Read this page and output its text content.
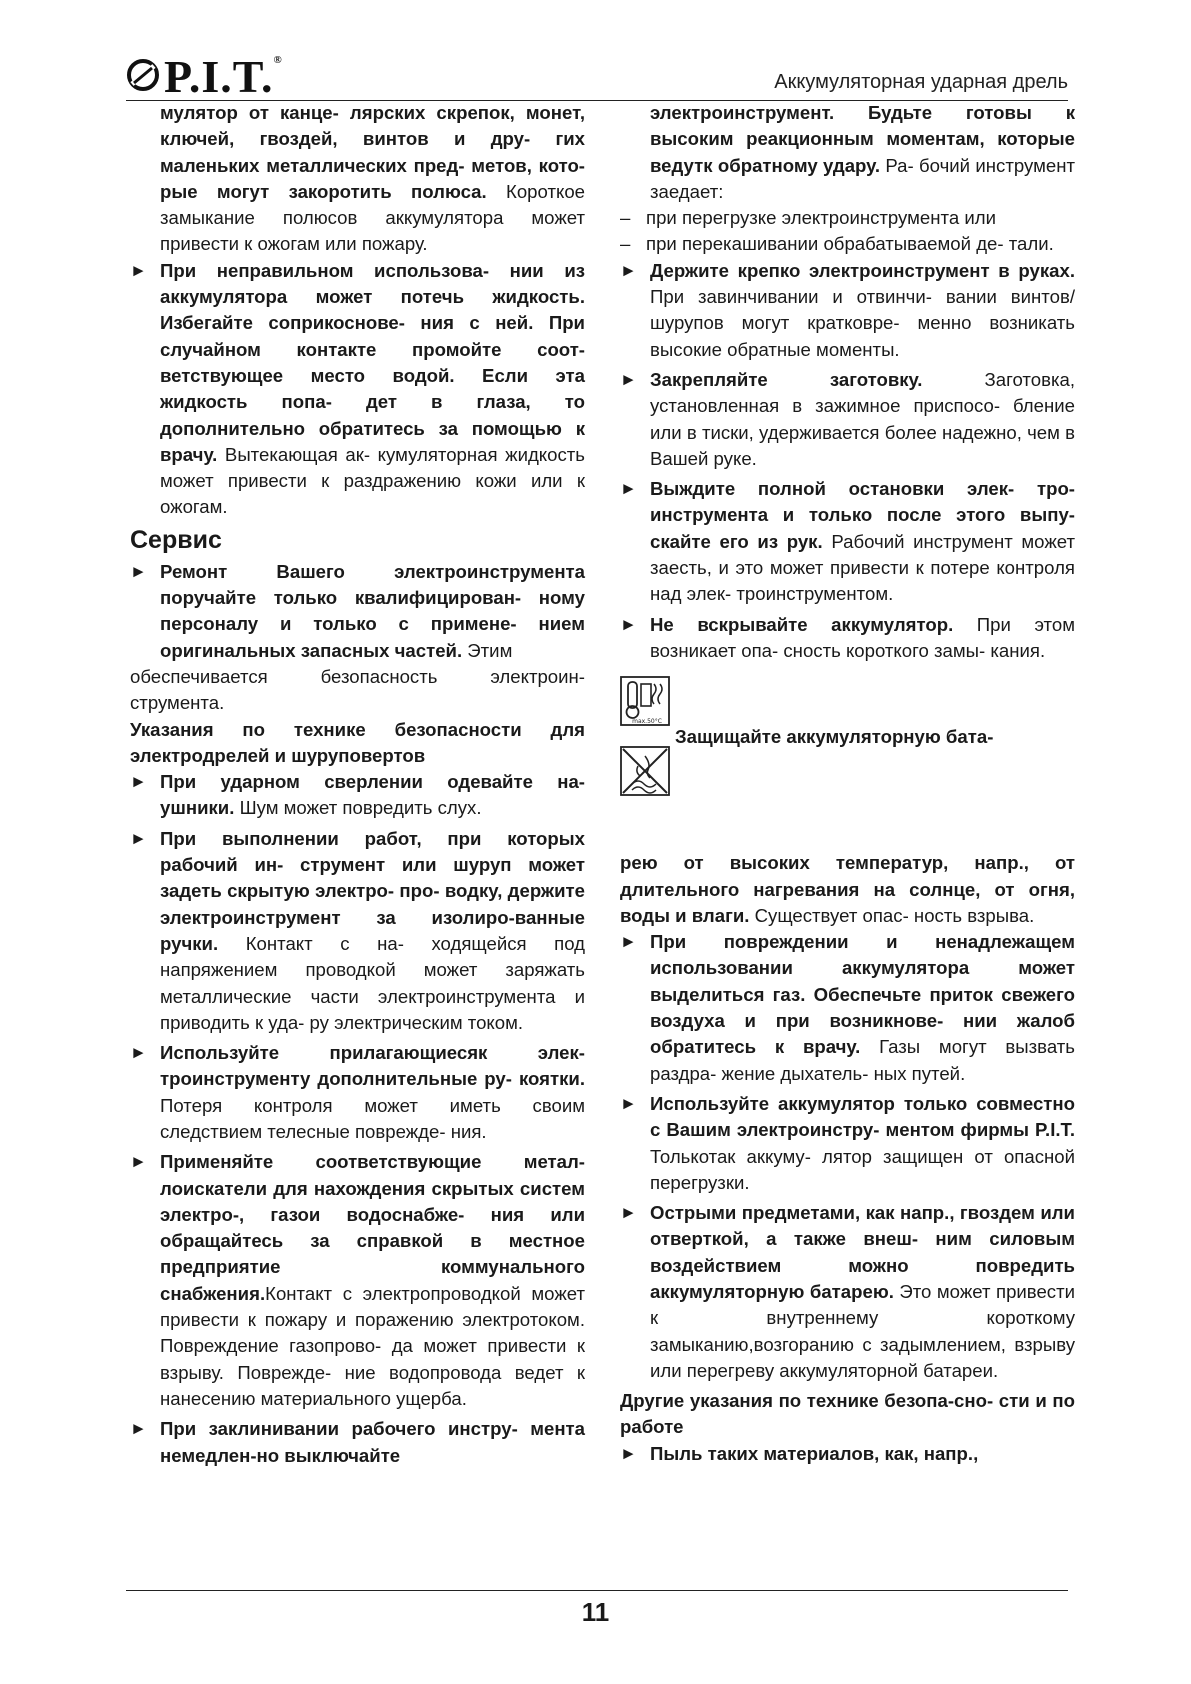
P.I.T. ®
Аккумуляторная ударная дрель

мулятор от канце- лярских скрепок, монет, ключей, гвоздей, винтов и дру- гих маленьких металлических пред- метов, кото-рые могут закоротить полюса. Короткое замыкание полюсов аккумулятора может привести к ожогам или пожару.

► При неправильном использова- нии из аккумулятора может потечь жидкость. Избегайте соприкоснове- ния с ней. При случайном контакте промойте соот- ветствующее место водой. Если эта жидкость попа- дет в глаза, то дополнительно обратитесь за помощью к врачу. Вытекающая ак- кумуляторная жидкость может привести к раздражению кожи или к ожогам.
Сервис
► Ремонт Вашего электроинструмента поручайте только квалифицирован- ному персоналу и только с примене- нием оригинальных запасных частей. Этим

обеспечивается безопасность электроин- струмента.

Указания по технике безопасности для электродрелей и шуруповертов

► При ударном сверлении одевайте на- ушники. Шум может повредить слух.
► При выполнении работ, при которых рабочий ин- струмент или шуруп может задеть скрытую электро- про- водку, держите электроинструмент за изолиро-ванные ручки. Контакт с на- ходящейся под напряжением проводкой может заряжать металлические части электроинструмента и приводить к уда- ру электрическим током.
► Используйте прилагающиесяк элек- троинструменту дополнительные ру- коятки. Потеря контроля может иметь своим следствием телесные поврежде- ния.
► Применяйте соответствующие метал- лоискатели для нахождения скрытых систем электро-, газои водоснабже- ния или обращайтесь за справкой в местное предприятие коммунального снабжения.Контакт с электропроводкой может привести к пожару и поражению электротоком. Повреждение газопрово- да может привести к взрыву. Поврежде- ние водопровода ведет к нанесению материального ущерба.
► При заклинивании рабочего инстру- мента немедлен-но выключайте

электроинструмент. Будьте готовы к высоким реакционным моментам, которые ведутк обратному удару. Ра- бочий инструмент заедает:

– при перегрузке электроинструмента или
– при перекашивании обрабатываемой де- тали.
► Держите крепко электроинструмент в руках. При завинчивании и отвинчи- вании винтов/шурупов могут кратковре- менно возникать высокие обратные моменты.
► Закрепляйте заготовку. Заготовка, установленная в зажимное приспосо- бление или в тиски, удерживается более надежно, чем в Вашей руке.
► Выждите полной остановки элек- тро-инструмента и только после этого выпу-скайте его из рук. Рабочий инструмент может заесть, и это может привести к потере контроля над элек- троинструментом.
► Не вскрывайте аккумулятор. При этом возникает опа- сность короткого замы- кания.
max.50°C
Защищайте аккумуляторную бата-

рею от высоких температур, напр., от длительного нагревания на солнце, от огня, воды и влаги. Существует опас- ность взрыва.

► При повреждении и ненадлежащем использовании аккумулятора может выделиться газ. Обеспечьте приток свежего воздуха и при возникнове- нии жалоб обратитесь к врачу. Газы могут вызвать раздра- жение дыхатель- ных путей.
► Используйте аккумулятор только совместно с Вашим электроинстру- ментом фирмы P.I.T. Толькотак аккуму- лятор защищен от опасной перегрузки.
► Острыми предметами, как напр., гвоздем или отверткой, а также внеш- ним силовым воздействием можно повредить аккумуляторную батарею. Это может привести к внутреннему короткому замыканию,возгоранию с задымлением, взрыву или перегреву аккумуляторной батареи.

Другие указания по технике безопа-сно- сти и по работе

► Пыль таких материалов, как, напр.,
11
